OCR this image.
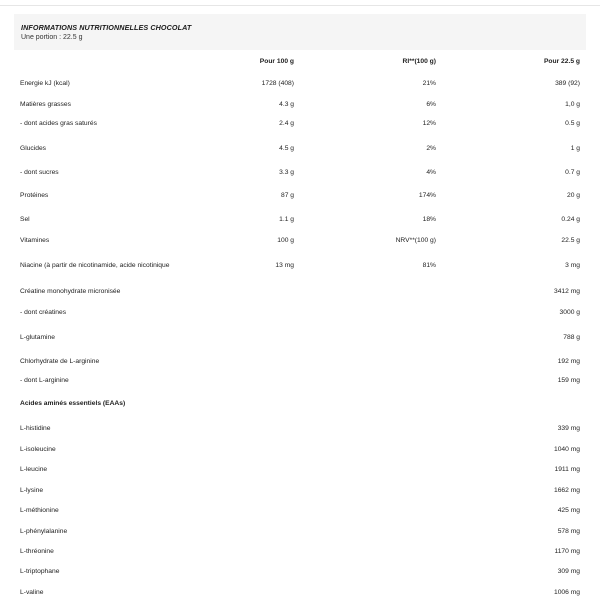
INFORMATIONS NUTRITIONNELLES CHOCOLAT
Une portion : 22.5 g
	Pour 100 g	RI**(100 g)	Pour 22.5 g
Energie kJ (kcal)	1728 (408)	21%	389 (92)
Matières grasses	4.3 g	6%	1,0 g
- dont acides gras saturés	2.4 g	12%	0.5 g
Glucides	4.5 g	2%	1 g
- dont sucres	3.3 g	4%	0.7 g
Protéines	87 g	174%	20 g
Sel	1.1 g	18%	0.24 g
Vitamines	100 g	NRV**(100 g)	22.5 g
Niacine (à partir de nicotinamide, acide nicotinique	13 mg	81%	3 mg
Créatine monohydrate micronisée			3412 mg
- dont créatines			3000 g
L-glutamine			788 g
Chlorhydrate de L-arginine			192 mg
- dont L-arginine			159 mg
Acides aminés essentiels (EAAs)			
L-histidine			339 mg
L-isoleucine			1040 mg
L-leucine			1911 mg
L-lysine			1662 mg
L-méthionine			425 mg
L-phénylalanine			578 mg
L-thréonine			1170 mg
L-triptophane			309 mg
L-valine			1006 mg
